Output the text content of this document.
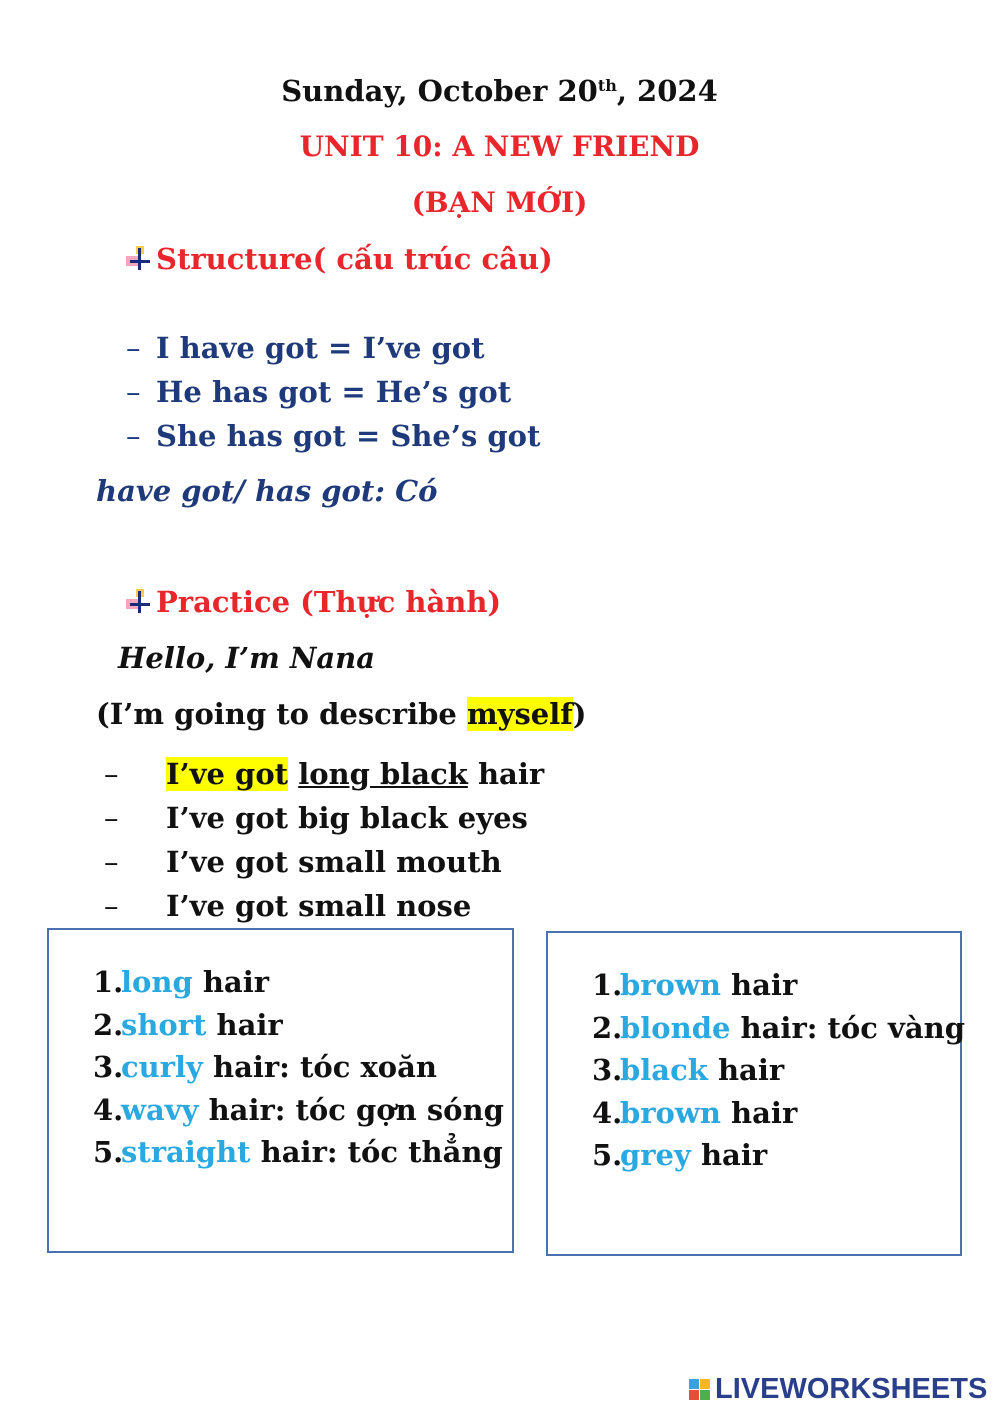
Sunday, October 20th, 2024
UNIT 10: A NEW FRIEND
(BẠN MỚI)
Structure( cấu trúc câu)
– I have got = I’ve got
– He has got = He’s got
– She has got = She’s got
have got/ has got: Có
Practice (Thực hành)
Hello, I’m Nana
(I’m going to describe myself)
–	I’ve got long black hair
–	I’ve got big black eyes
–	I’ve got small mouth
–	I’ve got small nose
1.long hair
2.short hair
3.curly hair: tóc xoăn
4.wavy hair: tóc gợn sóng
5.straight hair: tóc thẳng
1.brown hair
2.blonde hair: tóc vàng
3.black hair
4.brown hair
5.grey hair
LIVEWORKSHEETS
